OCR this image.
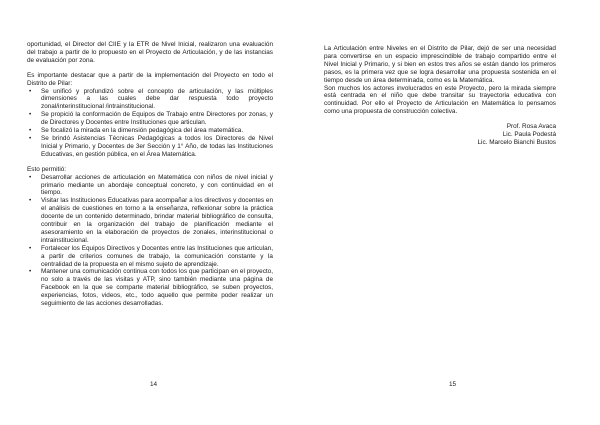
oportunidad, el Director del CIIE y la ETR de Nivel Inicial, realizaron una evaluación del trabajo a partir de lo propuesto en el Proyecto de Articulación, y de las instancias de evaluación por zona.

Es importante destacar que a partir de la implementación del Proyecto en todo el Distrito de Pilar:

• Se unificó y profundizó sobre el concepto de articulación, y las múltiples dimensiones a las cuales debe dar respuesta todo proyecto zonal/interinstitucional /intrainstitucional.
• Se propició la conformación de Equipos de Trabajo entre Directores por zonas, y de Directores y Docentes entre Instituciones que articulan.
• Se focalizó la mirada en la dimensión pedagógica del área matemática.
• Se brindó Asistencias Técnicas Pedagógicas a todos los Directores de Nivel Inicial y Primario, y Docentes de 3er Sección y 1° Año, de todas las Instituciones Educativas, en gestión pública, en el Área Matemática.

Esto permitió:

• Desarrollar acciones de articulación en Matemática con niños de nivel inicial y primario mediante un abordaje conceptual concreto, y con continuidad en el tiempo.
• Visitar las Instituciones Educativas para acompañar a los directivos y docentes en el análisis de cuestiones en torno a la enseñanza, reflexionar sobre la práctica docente de un contenido determinado, brindar material bibliográfico de consulta, contribuir en la organización del trabajo de planificación mediante el asesoramiento en la elaboración de proyectos de zonales, interinstitucional o intrainstitucional.
• Fortalecer los Equipos Directivos y Docentes entre las Instituciones que articulan, a partir de criterios comunes de trabajo, la comunicación constante y la centralidad de la propuesta en el mismo sujeto de aprendizaje.
• Mantener una comunicación continua con todos los que participan en el proyecto, no solo a través de las visitas y ATP, sino también mediante una página de Facebook en la que se comparte material bibliográfico, se suben proyectos, experiencias, fotos, videos, etc., todo aquello que permite poder realizar un seguimiento de las acciones desarrolladas.
14

La Articulación entre Niveles en el Distrito de Pilar, dejó de ser una necesidad para convertirse en un espacio imprescindible de trabajo compartido entre el Nivel Inicial y Primario, y si bien en estos tres años se están dando los primeros pasos, es la primera vez que se logra desarrollar una propuesta sostenida en el tiempo desde un área determinada, como es la Matemática.

Son muchos los actores involucrados en este Proyecto, pero la mirada siempre está centrada en el niño que debe transitar su trayectoria educativa con continuidad. Por ello el Proyecto de Articulación en Matemática lo pensamos como una propuesta de construcción colectiva.

Prof. Rosa Avaca

Lic. Paula Podestá

Lic. Marcelo Bianchi Bustos

15
